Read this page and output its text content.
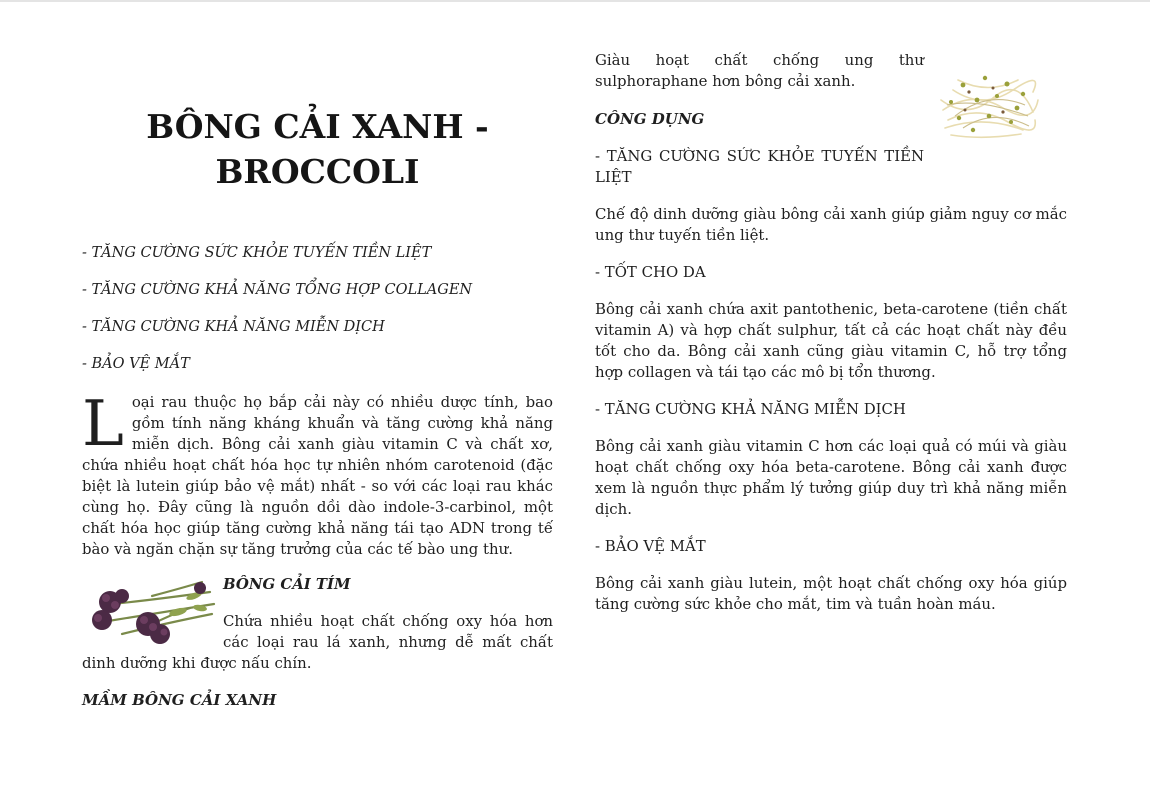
BÔNG CẢI XANH -
BROCCOLI
- TĂNG CƯỜNG SỨC KHỎE TUYẾN TIỀN LIỆT
- TĂNG CƯỜNG KHẢ NĂNG TỔNG HỢP COLLAGEN
- TĂNG CƯỜNG KHẢ NĂNG MIỄN DỊCH
- BẢO VỆ MẮT

Loại rau thuộc họ bắp cải này có nhiều dược tính, bao gồm tính năng kháng khuẩn và tăng cường khả năng miễn dịch. Bông cải xanh giàu vitamin C và chất xơ, chứa nhiều hoạt chất hóa học tự nhiên nhóm carotenoid (đặc biệt là lutein giúp bảo vệ mắt) nhất - so với các loại rau khác cùng họ. Đây cũng là nguồn dồi dào indole-3-carbinol, một chất hóa học giúp tăng cường khả năng tái tạo ADN trong tế bào và ngăn chặn sự tăng trưởng của các tế bào ung thư.

BÔNG CẢI TÍM

Chứa nhiều hoạt chất chống oxy hóa hơn các loại rau lá xanh, nhưng dễ mất chất dinh dưỡng khi được nấu chín.

MẦM BÔNG CẢI XANH

Giàu hoạt chất chống ung thư sulphoraphane hơn bông cải xanh.

CÔNG DỤNG

- TĂNG CƯỜNG SỨC KHỎE TUYẾN TIỀN LIỆT

Chế độ dinh dưỡng giàu bông cải xanh giúp giảm nguy cơ mắc ung thư tuyến tiền liệt.

- TỐT CHO DA

Bông cải xanh chứa axit pantothenic, beta-carotene (tiền chất vitamin A) và hợp chất sulphur, tất cả các hoạt chất này đều tốt cho da. Bông cải xanh cũng giàu vitamin C, hỗ trợ tổng hợp collagen và tái tạo các mô bị tổn thương.

- TĂNG CƯỜNG KHẢ NĂNG MIỄN DỊCH

Bông cải xanh giàu vitamin C hơn các loại quả có múi và giàu hoạt chất chống oxy hóa beta-carotene. Bông cải xanh được xem là nguồn thực phẩm lý tưởng giúp duy trì khả năng miễn dịch.

- BẢO VỆ MẮT

Bông cải xanh giàu lutein, một hoạt chất chống oxy hóa giúp tăng cường sức khỏe cho mắt, tim và tuần hoàn máu.
